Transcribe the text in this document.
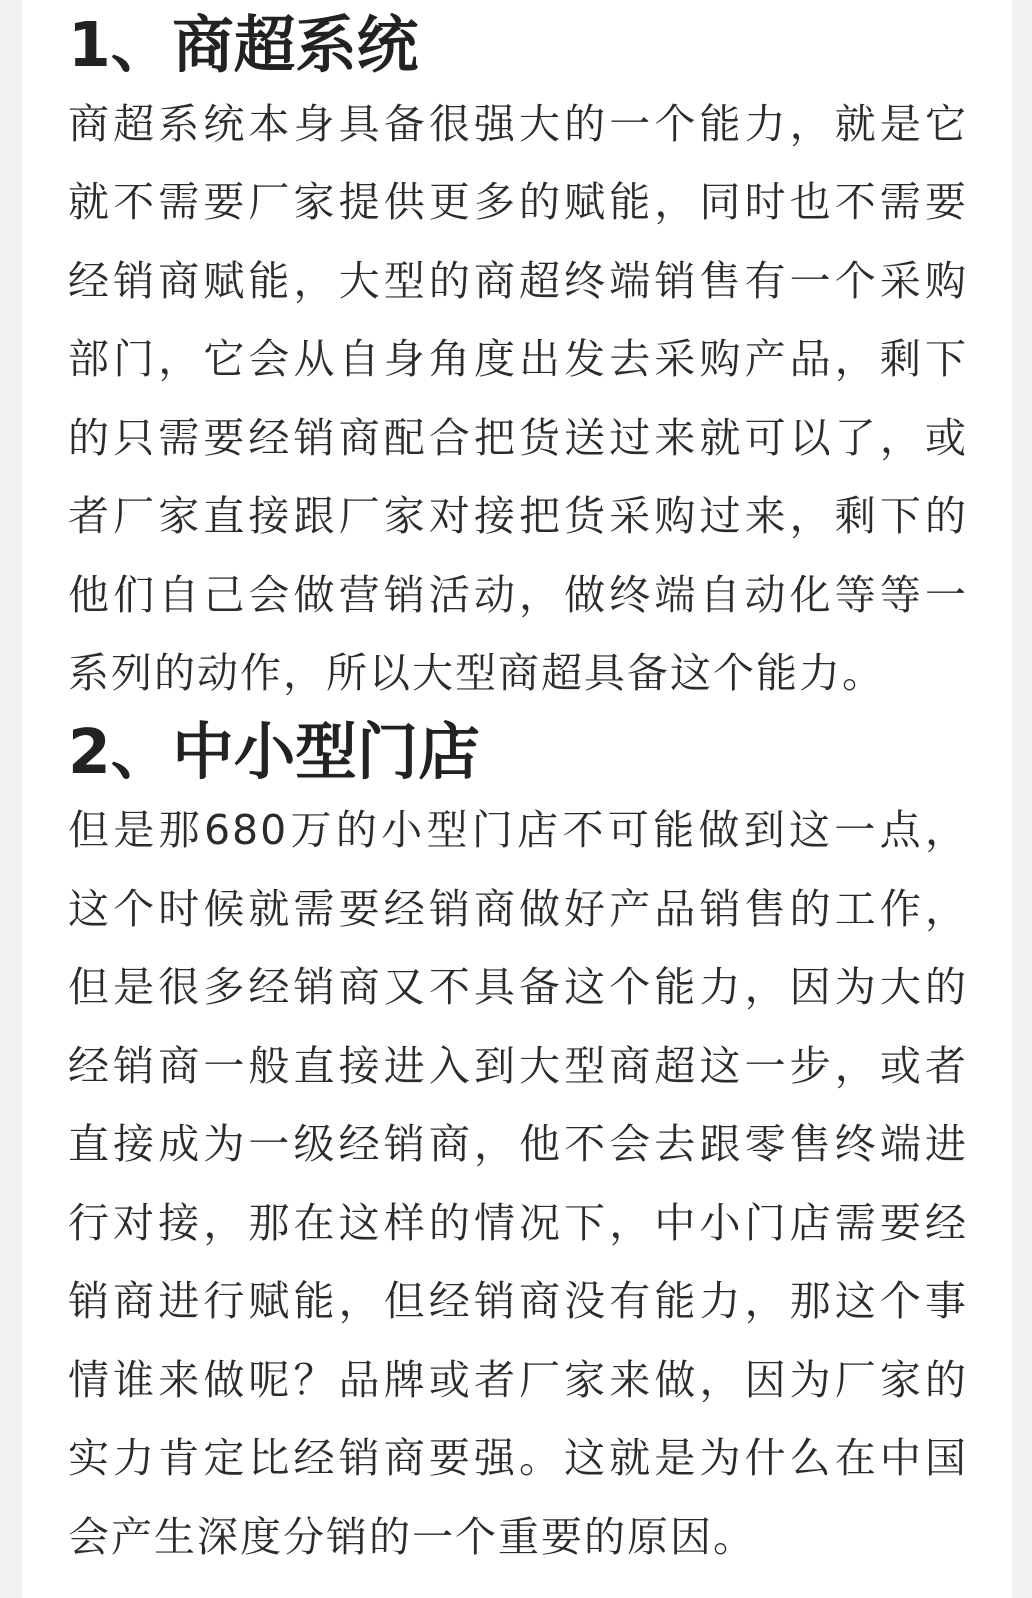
1、商超系统

商超系统本身具备很强大的一个能力，就是它就不需要厂家提供更多的赋能，同时也不需要经销商赋能，大型的商超终端销售有一个采购部门，它会从自身角度出发去采购产品，剩下的只需要经销商配合把货送过来就可以了，或者厂家直接跟厂家对接把货采购过来，剩下的他们自己会做营销活动，做终端自动化等等一系列的动作，所以大型商超具备这个能力。

2、中小型门店

但是那680万的小型门店不可能做到这一点，这个时候就需要经销商做好产品销售的工作，但是很多经销商又不具备这个能力，因为大的经销商一般直接进入到大型商超这一步，或者直接成为一级经销商，他不会去跟零售终端进行对接，那在这样的情况下，中小门店需要经销商进行赋能，但经销商没有能力，那这个事情谁来做呢？品牌或者厂家来做，因为厂家的实力肯定比经销商要强。这就是为什么在中国会产生深度分销的一个重要的原因。
